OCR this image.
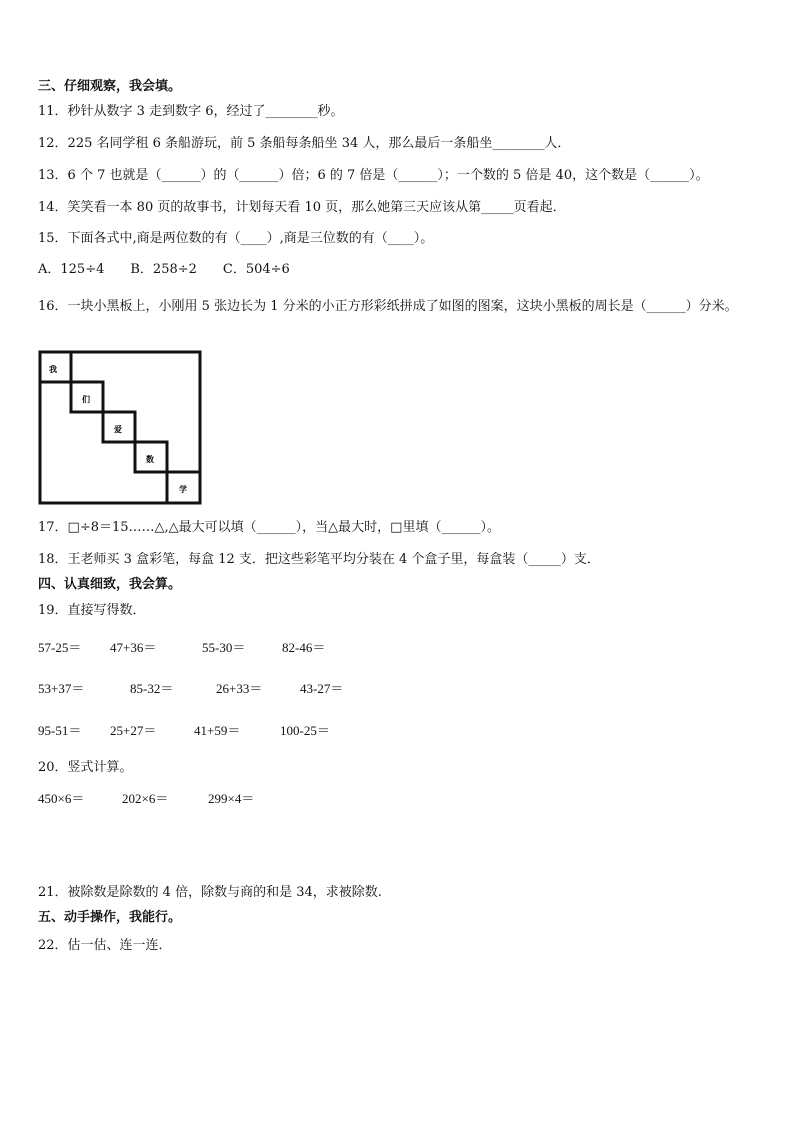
三、仔细观察，我会填。
11．秒针从数字 3 走到数字 6，经过了________秒。
12．225 名同学租 6 条船游玩，前 5 条船每条船坐 34 人，那么最后一条船坐________人．
13．6 个 7 也就是（______）的（______）倍；6 的 7 倍是（______）；一个数的 5 倍是 40，这个数是（______）。
14．笑笑看一本 80 页的故事书，计划每天看 10 页，那么她第三天应该从第_____页看起．
15．下面各式中,商是两位数的有（____）,商是三位数的有（____）。
A．125÷4　　B．258÷2　　C．504÷6
16．一块小黑板上，小刚用 5 张边长为 1 分米的小正方形彩纸拼成了如图的图案，这块小黑板的周长是（______）分米。
我
们
爱
数
学
17．□÷8＝15……△,△最大可以填（______），当△最大时，□里填（______）。
18．王老师买 3 盒彩笔，每盒 12 支．把这些彩笔平均分装在 4 个盒子里，每盒装（_____）支．
四、认真细致，我会算。
19．直接写得数．
57-25＝ 47+36＝	55-30＝	82-46＝
53+37＝	85-32＝	26+33＝	43-27＝
95-51＝ 25+27＝	41+59＝	100-25＝
20．竖式计算。
450×6＝	202×6＝	299×4＝
21．被除数是除数的 4 倍，除数与商的和是 34，求被除数.
五、动手操作，我能行。
22．估一估、连一连．
